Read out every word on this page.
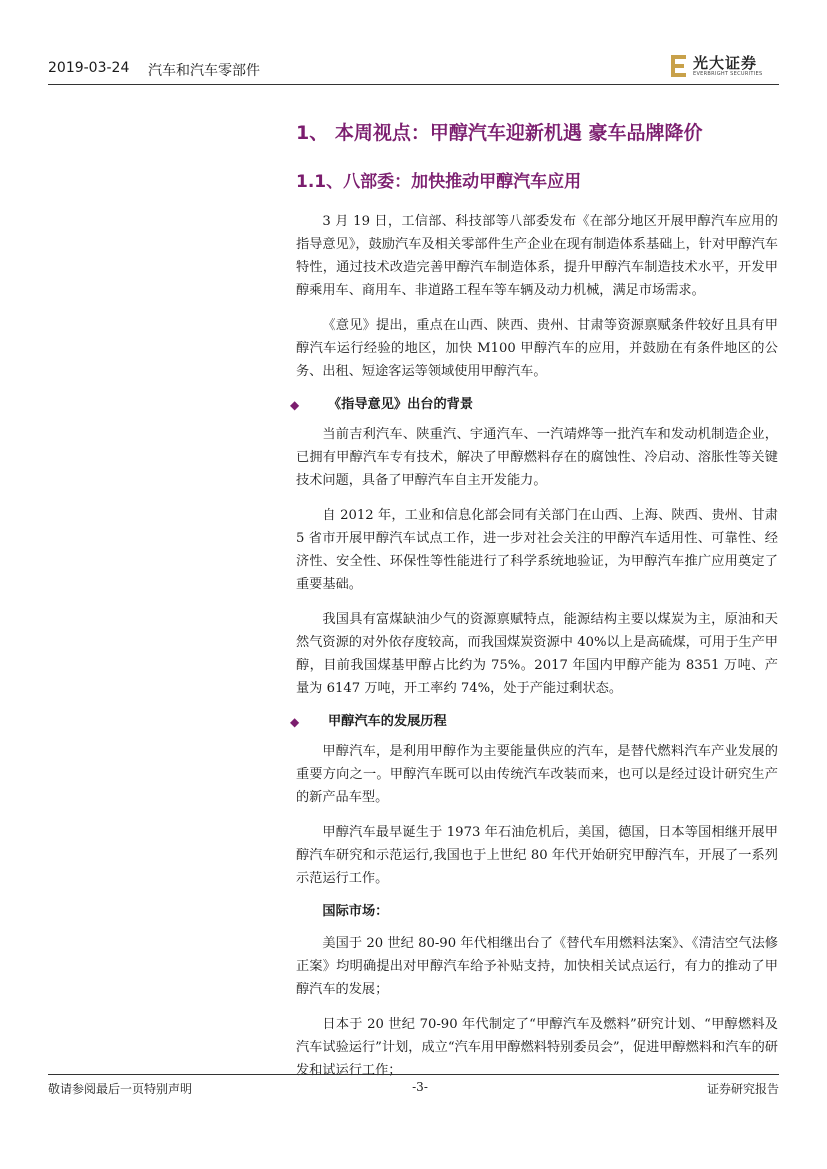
2019-03-24 汽车和汽车零部件	光大证券
EVERBRIGHT SECURITIES
1、 本周视点：甲醇汽车迎新机遇 豪车品牌降价
1.1、八部委：加快推动甲醇汽车应用

3 月 19 日，工信部、科技部等八部委发布《在部分地区开展甲醇汽车应用的指导意见》，鼓励汽车及相关零部件生产企业在现有制造体系基础上，针对甲醇汽车特性，通过技术改造完善甲醇汽车制造体系，提升甲醇汽车制造技术水平，开发甲醇乘用车、商用车、非道路工程车等车辆及动力机械，满足市场需求。

《意见》提出，重点在山西、陕西、贵州、甘肃等资源禀赋条件较好且具有甲醇汽车运行经验的地区，加快 M100 甲醇汽车的应用，并鼓励在有条件地区的公务、出租、短途客运等领域使用甲醇汽车。

◆	《指导意见》出台的背景

当前吉利汽车、陕重汽、宇通汽车、一汽靖烨等一批汽车和发动机制造企业，已拥有甲醇汽车专有技术，解决了甲醇燃料存在的腐蚀性、冷启动、溶胀性等关键技术问题，具备了甲醇汽车自主开发能力。

自 2012 年，工业和信息化部会同有关部门在山西、上海、陕西、贵州、甘肃 5 省市开展甲醇汽车试点工作，进一步对社会关注的甲醇汽车适用性、可靠性、经济性、安全性、环保性等性能进行了科学系统地验证，为甲醇汽车推广应用奠定了重要基础。

我国具有富煤缺油少气的资源禀赋特点，能源结构主要以煤炭为主，原油和天然气资源的对外依存度较高，而我国煤炭资源中 40%以上是高硫煤，可用于生产甲醇，目前我国煤基甲醇占比约为 75%。2017 年国内甲醇产能为 8351 万吨、产量为 6147 万吨，开工率约 74%，处于产能过剩状态。

◆	甲醇汽车的发展历程

甲醇汽车，是利用甲醇作为主要能量供应的汽车，是替代燃料汽车产业发展的重要方向之一。甲醇汽车既可以由传统汽车改装而来，也可以是经过设计研究生产的新产品车型。

甲醇汽车最早诞生于 1973 年石油危机后，美国，德国，日本等国相继开展甲醇汽车研究和示范运行,我国也于上世纪 80 年代开始研究甲醇汽车，开展了一系列示范运行工作。

国际市场：

美国于 20 世纪 80-90 年代相继出台了《替代车用燃料法案》、《清洁空气法修正案》均明确提出对甲醇汽车给予补贴支持，加快相关试点运行，有力的推动了甲醇汽车的发展；

日本于 20 世纪 70-90 年代制定了“甲醇汽车及燃料”研究计划、“甲醇燃料及汽车试验运行”计划，成立“汽车用甲醇燃料特别委员会”，促进甲醇燃料和汽车的研发和试运行工作；

敬请参阅最后一页特别声明	-3-	证券研究报告
